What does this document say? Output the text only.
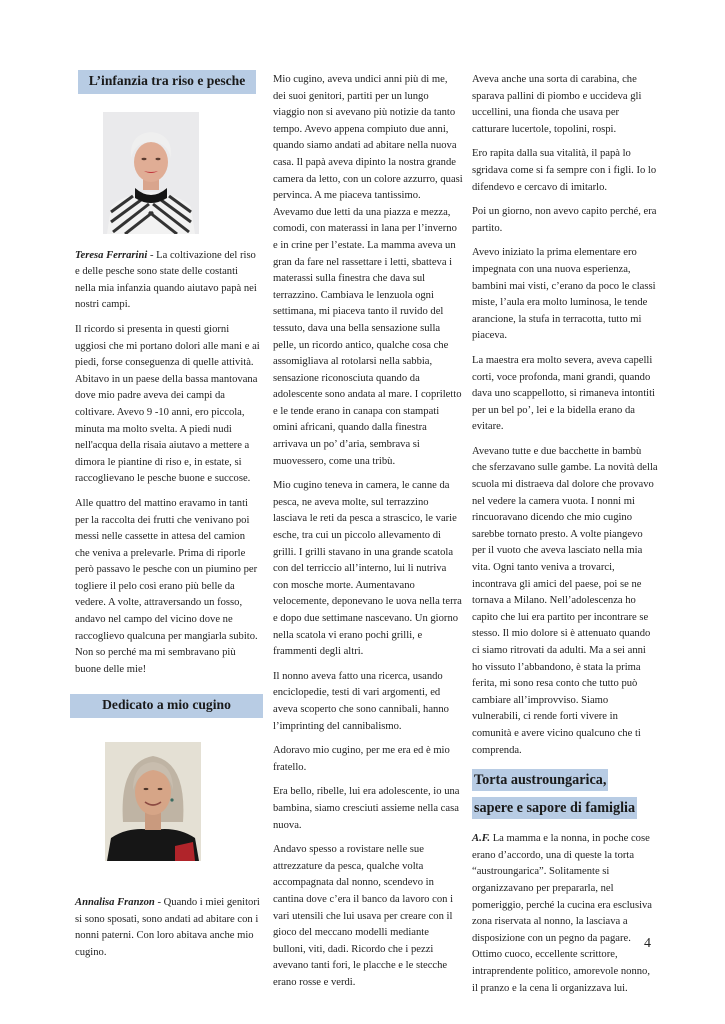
L’infanzia tra riso e pesche

Teresa Ferrarini - La coltivazione del riso e delle pesche sono state delle costanti nella mia infanzia quando aiutavo papà nei nostri campi.

Il ricordo si presenta in questi giorni uggiosi che mi portano dolori alle mani e ai piedi, forse conseguenza di quelle attività. Abitavo in un paese della bassa mantovana dove mio padre aveva dei campi da coltivare. Avevo 9 -10 anni, ero piccola, minuta ma molto svelta. A piedi nudi nell'acqua della risaia aiutavo a mettere a dimora le piantine di riso e, in estate, si raccoglievano le pesche buone e succose.

Alle quattro del mattino eravamo in tanti per la raccolta dei frutti che venivano poi messi nelle cassette in attesa del camion che veniva a prelevarle. Prima di riporle però passavo le pesche con un piumino per togliere il pelo così erano più belle da vedere. A volte, attraversando un fosso, andavo nel campo del vicino dove ne raccoglievo qualcuna per mangiarla subito. Non so perché ma mi sembravano più buone delle mie!

Dedicato a mio cugino

Annalisa Franzon - Quando i miei genitori si sono sposati, sono andati ad abitare con i nonni paterni. Con loro abitava anche mio cugino.

Mio cugino, aveva undici anni più di me, dei suoi genitori, partiti per un lungo viaggio non si avevano più notizie da tanto tempo. Avevo appena compiuto due anni, quando siamo andati ad abitare nella nuova casa. Il papà aveva dipinto la nostra grande camera da letto, con un colore azzurro, quasi pervinca. A me piaceva tantissimo. Avevamo due letti da una piazza e mezza, comodi, con materassi in lana per l’inverno e in crine per l’estate. La mamma aveva un gran da fare nel rassettare i letti, sbatteva i materassi sulla finestra che dava sul terrazzino. Cambiava le lenzuola ogni settimana, mi piaceva tanto il ruvido del tessuto, dava una bella sensazione sulla pelle, un ricordo antico, qualche cosa che assomigliava al rotolarsi nella sabbia, sensazione riconosciuta quando da adolescente sono andata al mare. I copriletto e le tende erano in canapa con stampati omini africani, quando dalla finestra arrivava un po’ d’aria, sembrava si muovessero, come una tribù.

Mio cugino teneva in camera, le canne da pesca, ne aveva molte, sul terrazzino lasciava le reti da pesca a strascico, le varie esche, tra cui un piccolo allevamento di grilli. I grilli stavano in una grande scatola con del terriccio all’interno, lui li nutriva con mosche morte. Aumentavano velocemente, deponevano le uova nella terra e dopo due settimane nascevano. Un giorno nella scatola vi erano pochi grilli, e frammenti degli altri.

Il nonno aveva fatto una ricerca, usando enciclopedie, testi di vari argomenti, ed aveva scoperto che sono cannibali, hanno l’imprinting del cannibalismo.

Adoravo mio cugino, per me era ed è mio fratello.

Era bello, ribelle, lui era adolescente, io una bambina, siamo cresciuti assieme nella casa nuova.

Andavo spesso a rovistare nelle sue attrezzature da pesca, qualche volta accompagnata dal nonno, scendevo in cantina dove c’era il banco da lavoro con i vari utensili che lui usava per creare con il gioco del meccano modelli mediante bulloni, viti, dadi. Ricordo che i pezzi avevano tanti fori, le placche e le stecche erano rosse e verdi.

Aveva anche una sorta di carabina, che sparava pallini di piombo e uccideva gli uccellini, una fionda che usava per catturare lucertole, topolini, rospi.

Ero rapita dalla sua vitalità, il papà lo sgridava come si fa sempre con i figli. Io lo difendevo e cercavo di imitarlo.

Poi un giorno, non avevo capito perché, era partito.

Avevo iniziato la prima elementare ero impegnata con una nuova esperienza, bambini mai visti, c’erano da poco le classi miste, l’aula era molto luminosa, le tende arancione, la stufa in terracotta, tutto mi piaceva.

La maestra era molto severa, aveva capelli corti, voce profonda, mani grandi, quando dava uno scappellotto, si rimaneva intontiti per un bel po’, lei e la bidella erano da evitare.

Avevano tutte e due bacchette in bambù che sferzavano sulle gambe. La novità della scuola mi distraeva dal dolore che provavo nel vedere la camera vuota. I nonni mi rincuoravano dicendo che mio cugino sarebbe tornato presto. A volte piangevo per il vuoto che aveva lasciato nella mia vita. Ogni tanto veniva a trovarci, incontrava gli amici del paese, poi se ne tornava a Milano. Nell’adolescenza ho capito che lui era partito per incontrare se stesso. Il mio dolore si è attenuato quando ci siamo ritrovati da adulti. Ma a sei anni ho vissuto l’abbandono, è stata la prima ferita, mi sono resa conto che tutto può cambiare all’improvviso. Siamo vulnerabili, ci rende forti vivere in comunità e avere vicino qualcuno che ti comprenda.

Torta austroungarica,
sapere e sapore di famiglia

A.F. La mamma e la nonna, in poche cose erano d’accordo, una di queste la torta “austroungarica”. Solitamente si organizzavano per prepararla, nel pomeriggio, perché la cucina era esclusiva zona riservata al nonno, la lasciava a disposizione con un pegno da pagare. Ottimo cuoco, eccellente scrittore, intraprendente politico, amorevole nonno, il pranzo e la cena li organizzava lui.

4
